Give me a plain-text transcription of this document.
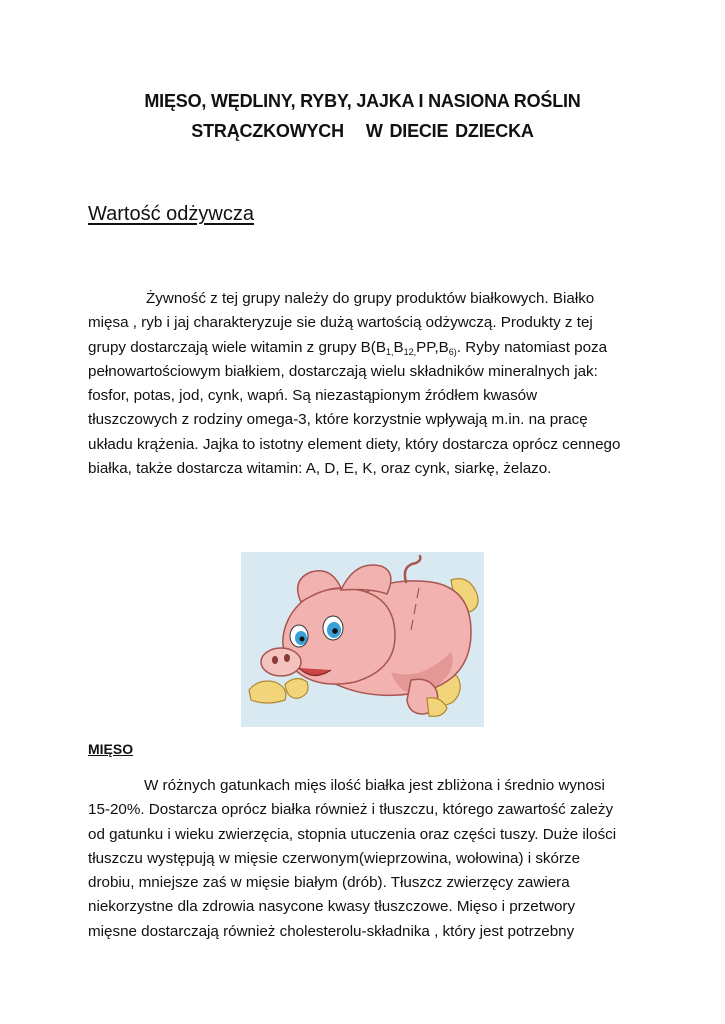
MIĘSO, WĘDLINY, RYBY, JAJKA I NASIONA ROŚLIN
STRĄCZKOWYCH W DIECIE DZIECKA
Wartość odżywcza

Żywność z tej grupy należy do grupy produktów białkowych. Białko
mięsa , ryb i jaj charakteryzuje sie dużą wartością odżywczą. Produkty z tej
grupy dostarczają wiele witamin z grupy $B(B_{1,}B_{12,}PP,B_{6)}$. Ryby natomiast poza
pełnowartościowym białkiem, dostarczają wielu składników mineralnych jak:
fosfor, potas, jod, cynk, wapń. Są niezastąpionym źródłem kwasów
tłuszczowych z rodziny omega-3, które korzystnie wpływają m.in. na pracę
układu krążenia. Jajka to istotny element diety, który dostarcza oprócz cennego
białka, także dostarcza witamin: A, D, E, K, oraz cynk, siarkę, żelazo.

MIĘSO

W różnych gatunkach mięs ilość białka jest zbliżona i średnio wynosi
15-20%. Dostarcza oprócz białka również i tłuszczu, którego zawartość zależy
od gatunku i wieku zwierzęcia, stopnia utuczenia oraz części tuszy. Duże ilości
tłuszczu występują w mięsie czerwonym(wieprzowina, wołowina) i skórze
drobiu, mniejsze zaś w mięsie białym (drób). Tłuszcz zwierzęcy zawiera
niekorzystne dla zdrowia nasycone kwasy tłuszczowe. Mięso i przetwory
mięsne dostarczają również cholesterolu-składnika , który jest potrzebny
